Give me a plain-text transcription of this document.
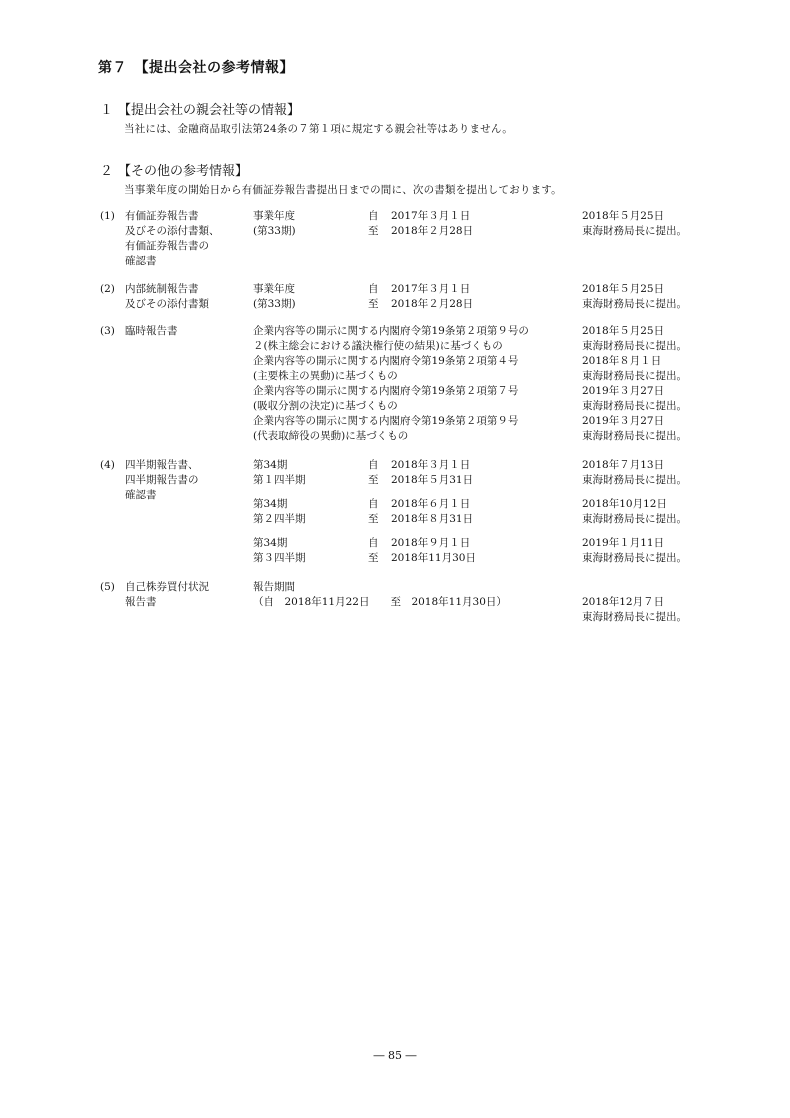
第７　【提出会社の参考情報】
１ 【提出会社の親会社等の情報】
当社には、金融商品取引法第24条の７第１項に規定する親会社等はありません。
２ 【その他の参考情報】
当事業年度の開始日から有価証券報告書提出日までの間に、次の書類を提出しております。
(1) 有価証券報告書
及びその添付書類、
有価証券報告書の
確認書
事業年度
(第33期)
自
至
2017年３月１日
2018年２月28日
2018年５月25日
東海財務局長に提出。
(2) 内部統制報告書
及びその添付書類
事業年度
(第33期)
自
至
2017年３月１日
2018年２月28日
2018年５月25日
東海財務局長に提出。
(3) 臨時報告書	企業内容等の開示に関する内閣府令第19条第２項第９号の
２(株主総会における議決権行使の結果)に基づくもの
企業内容等の開示に関する内閣府令第19条第２項第４号
(主要株主の異動)に基づくもの
企業内容等の開示に関する内閣府令第19条第２項第７号
(吸収分割の決定)に基づくもの
企業内容等の開示に関する内閣府令第19条第２項第９号
(代表取締役の異動)に基づくもの
2018年５月25日
東海財務局長に提出。
2018年８月１日
東海財務局長に提出。
2019年３月27日
東海財務局長に提出。
2019年３月27日
東海財務局長に提出。
(4) 四半期報告書、
四半期報告書の
確認書
第34期
第１四半期
自
至
2018年３月１日
2018年５月31日
2018年７月13日
東海財務局長に提出。
第34期
第２四半期
自
至
2018年６月１日
2018年８月31日
2018年10月12日
東海財務局長に提出。
第34期
第３四半期
自
至
2018年９月１日
2018年11月30日
2019年１月11日
東海財務局長に提出。
(5) 自己株券買付状況
報告書
報告期間
（自　2018年11月22日　　至　2018年11月30日）	2018年12月７日
東海財務局長に提出。
― 85 ―
